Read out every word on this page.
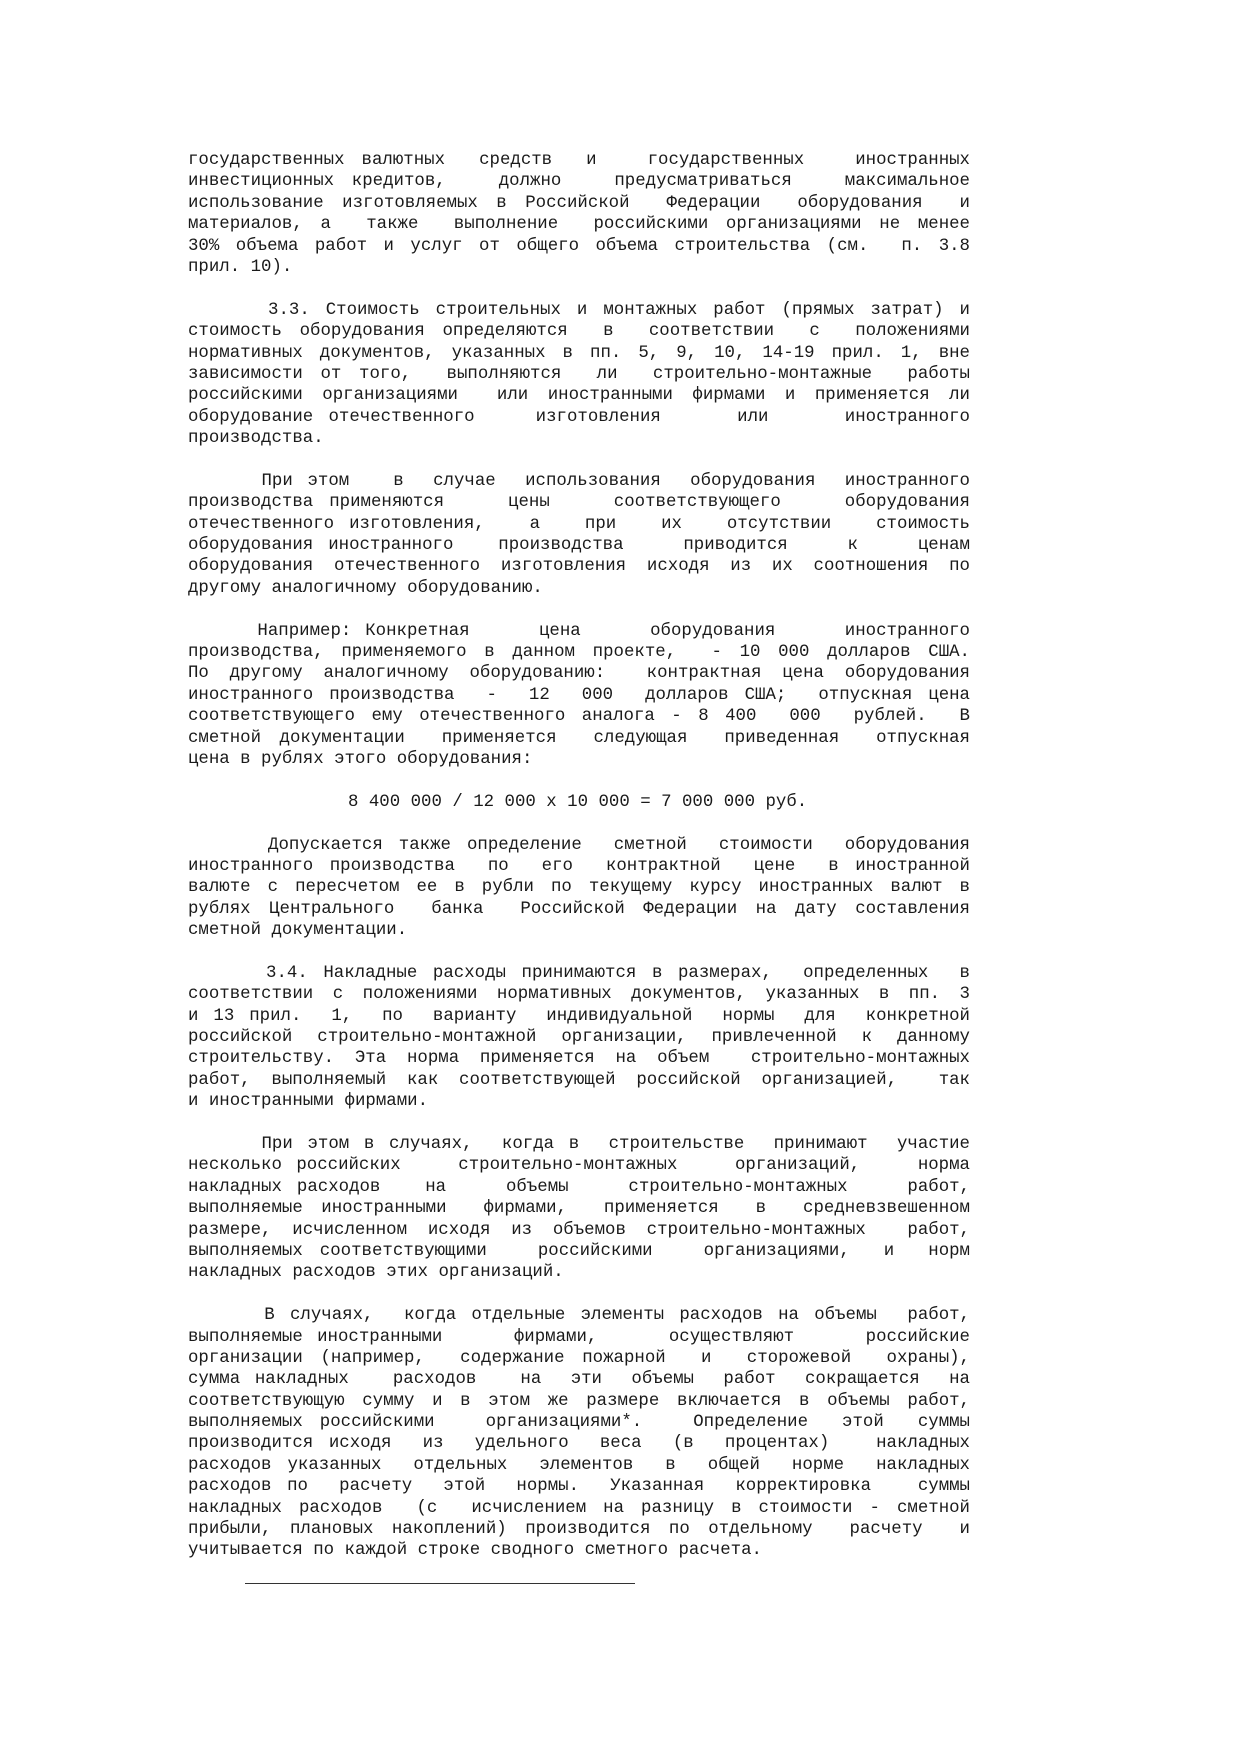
государственных валютных  средств  и   государственных   иностранных
инвестиционных кредитов,   должно   предусматриваться   максимальное
использование изготовляемых в Российской  Федерации  оборудования  и
материалов, а  также  выполнение  российскими организациями не менее
30% объема работ и услуг от общего объема строительства (см.  п. 3.8
прил. 10).
3.3. Стоимость строительных и монтажных работ (прямых затрат) и
стоимость оборудования определяются  в  соответствии  с  положениями
нормативных документов, указанных в пп. 5, 9, 10, 14-19 прил. 1, вне
зависимости от того,  выполняются  ли  строительно-монтажные  работы
российскими организациями  или иностранными фирмами и применяется ли
оборудование отечественного    изготовления     или     иностранного
производства.
При этом   в  случае  использования  оборудования  иностранного
производства применяются    цены    соответствующего    оборудования
отечественного изготовления,   а   при   их   отсутствии   стоимость
оборудования иностранного   производства    приводится    к    ценам
оборудования отечественного изготовления исходя из их соотношения по
другому аналогичному оборудованию.
Например: Конкретная     цена     оборудования     иностранного
производства, применяемого в данном проекте,  - 10 000 долларов США.
По другому аналогичному оборудованию:  контрактная цена оборудования
иностранного производства  -  12  000  долларов США;  отпускная цена
соответствующего ему отечественного аналога - 8 400  000  рублей.  В
сметной документации  применяется  следующая  приведенная  отпускная
цена в рублях этого оборудования:
8 400 000 / 12 000 х 10 000 = 7 000 000 руб.
Допускается также определение  сметной  стоимости  оборудования
иностранного производства  по  его  контрактной  цене  в иностранной
валюте с пересчетом ее в рубли по текущему курсу иностранных валют в
рублях Центрального  банка  Российской Федерации на дату составления
сметной документации.
3.4. Накладные расходы принимаются в размерах,  определенных  в
соответствии с положениями нормативных документов, указанных в пп. 3
и 13 прил.  1,  по  варианту  индивидуальной  нормы  для  конкретной
российской строительно-монтажной организации, привлеченной к данному
строительству. Эта норма применяется на объем  строительно-монтажных
работ, выполняемый как соответствующей российской организацией,  так
и иностранными фирмами.
При этом в случаях,  когда в  строительстве  принимают  участие
несколько российских    строительно-монтажных    организаций,    норма
накладных расходов   на    объемы    строительно-монтажных    работ,
выполняемые иностранными  фирмами,  применяется  в  средневзвешенном
размере, исчисленном исходя из объемов строительно-монтажных  работ,
выполняемых соответствующими   российскими   организациями,  и  норм
накладных расходов этих организаций.
В случаях,  когда отдельные элементы расходов на объемы  работ,
выполняемые иностранными     фирмами,     осуществляют     российские
организации (например,  содержание пожарной  и  сторожевой  охраны),
сумма накладных   расходов   на  эти  объемы  работ  сокращается  на
соответствующую сумму и в этом же размере включается в объемы работ,
выполняемых российскими   организациями*.   Определение  этой  суммы
производится исходя  из  удельного  веса  (в  процентах)   накладных
расходов указанных  отдельных  элементов  в  общей  норме  накладных
расходов по  расчету  этой  нормы.  Указанная  корректировка   суммы
накладных расходов  (с  исчислением на разницу в стоимости - сметной
прибыли, плановых накоплений) производится по отдельному  расчету  и
учитывается по каждой строке сводного сметного расчета.
